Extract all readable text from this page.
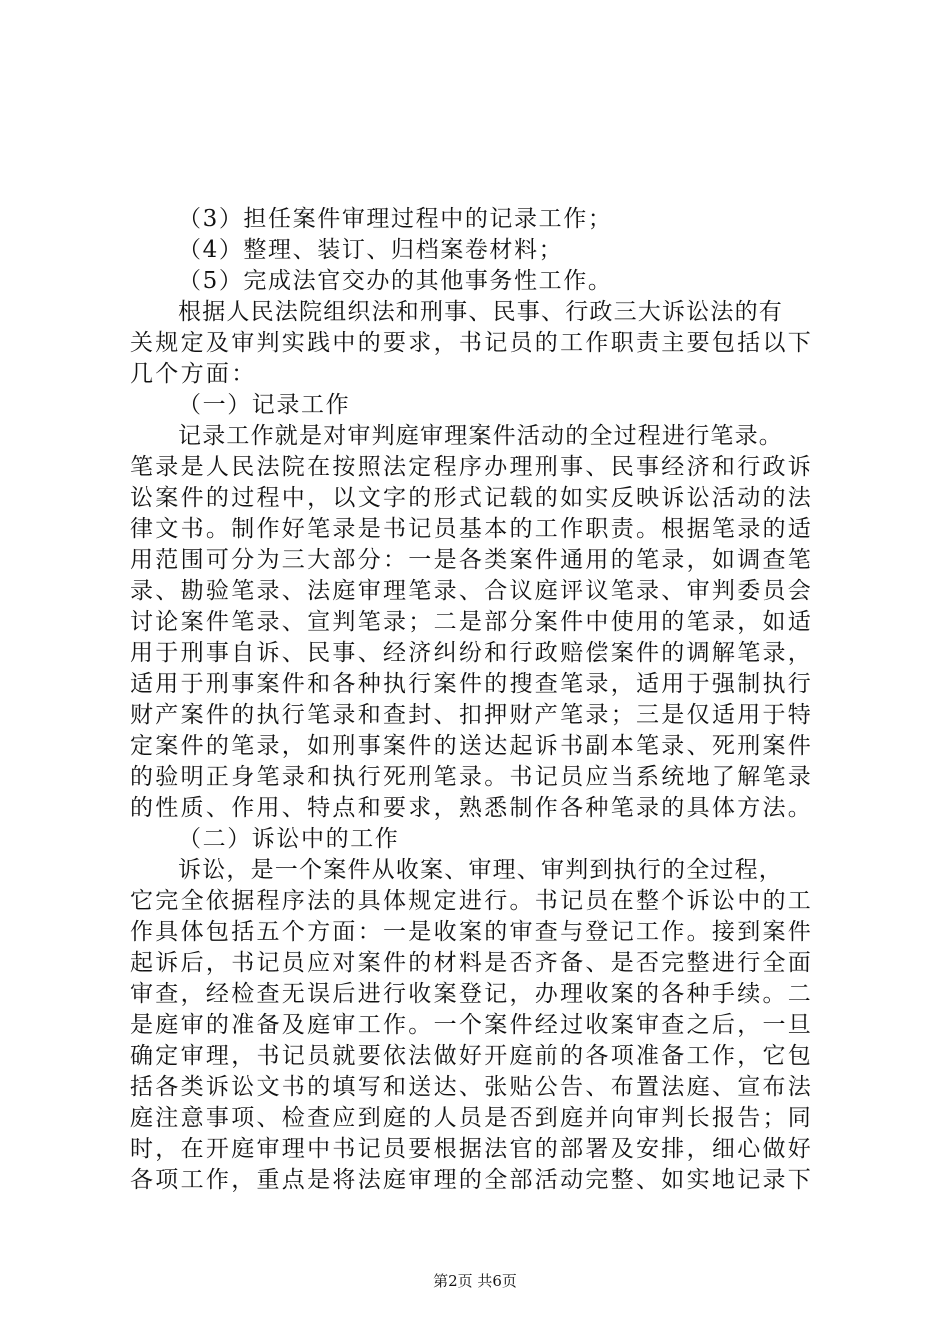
（3）担任案件审理过程中的记录工作；
（4）整理、装订、归档案卷材料；
（5）完成法官交办的其他事务性工作。
根据人民法院组织法和刑事、民事、行政三大诉讼法的有
关规定及审判实践中的要求，书记员的工作职责主要包括以下
几个方面：
（一）记录工作
记录工作就是对审判庭审理案件活动的全过程进行笔录。
笔录是人民法院在按照法定程序办理刑事、民事经济和行政诉
讼案件的过程中，以文字的形式记载的如实反映诉讼活动的法
律文书。制作好笔录是书记员基本的工作职责。根据笔录的适
用范围可分为三大部分：一是各类案件通用的笔录，如调查笔
录、勘验笔录、法庭审理笔录、合议庭评议笔录、审判委员会
讨论案件笔录、宣判笔录；二是部分案件中使用的笔录，如适
用于刑事自诉、民事、经济纠纷和行政赔偿案件的调解笔录，
适用于刑事案件和各种执行案件的搜查笔录，适用于强制执行
财产案件的执行笔录和查封、扣押财产笔录；三是仅适用于特
定案件的笔录，如刑事案件的送达起诉书副本笔录、死刑案件
的验明正身笔录和执行死刑笔录。书记员应当系统地了解笔录
的性质、作用、特点和要求，熟悉制作各种笔录的具体方法。
（二）诉讼中的工作
诉讼，是一个案件从收案、审理、审判到执行的全过程，
它完全依据程序法的具体规定进行。书记员在整个诉讼中的工
作具体包括五个方面：一是收案的审查与登记工作。接到案件
起诉后，书记员应对案件的材料是否齐备、是否完整进行全面
审查，经检查无误后进行收案登记，办理收案的各种手续。二
是庭审的准备及庭审工作。一个案件经过收案审查之后，一旦
确定审理，书记员就要依法做好开庭前的各项准备工作，它包
括各类诉讼文书的填写和送达、张贴公告、布置法庭、宣布法
庭注意事项、检查应到庭的人员是否到庭并向审判长报告；同
时，在开庭审理中书记员要根据法官的部署及安排，细心做好
各项工作，重点是将法庭审理的全部活动完整、如实地记录下
第2页 共6页
